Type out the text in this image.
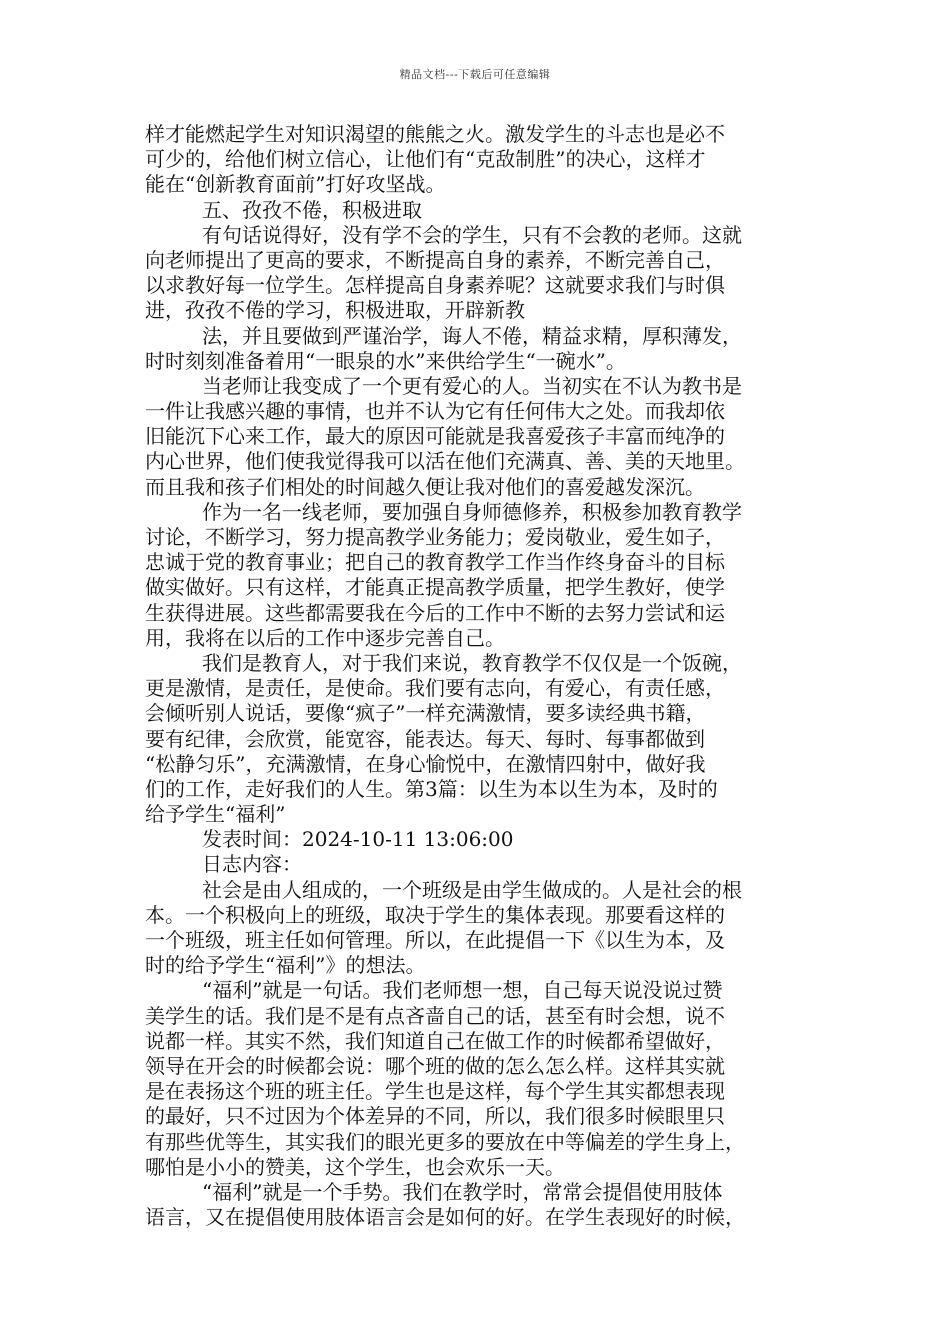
精品文档---下载后可任意编辑
样才能燃起学生对知识渴望的熊熊之火。激发学生的斗志也是必不
可少的，给他们树立信心，让他们有“克敌制胜”的决心，这样才
能在“创新教育面前”打好攻坚战。
五、孜孜不倦，积极进取
有句话说得好，没有学不会的学生，只有不会教的老师。这就
向老师提出了更高的要求，不断提高自身的素养，不断完善自己，
以求教好每一位学生。怎样提高自身素养呢？这就要求我们与时俱
进，孜孜不倦的学习，积极进取，开辟新教
法，并且要做到严谨治学，诲人不倦，精益求精，厚积薄发，
时时刻刻准备着用“一眼泉的水”来供给学生“一碗水”。
当老师让我变成了一个更有爱心的人。当初实在不认为教书是
一件让我感兴趣的事情，也并不认为它有任何伟大之处。而我却依
旧能沉下心来工作，最大的原因可能就是我喜爱孩子丰富而纯净的
内心世界，他们使我觉得我可以活在他们充满真、善、美的天地里。
而且我和孩子们相处的时间越久便让我对他们的喜爱越发深沉。
作为一名一线老师，要加强自身师德修养，积极参加教育教学
讨论，不断学习，努力提高教学业务能力；爱岗敬业，爱生如子，
忠诚于党的教育事业；把自己的教育教学工作当作终身奋斗的目标
做实做好。只有这样，才能真正提高教学质量，把学生教好，使学
生获得进展。这些都需要我在今后的工作中不断的去努力尝试和运
用，我将在以后的工作中逐步完善自己。
我们是教育人，对于我们来说，教育教学不仅仅是一个饭碗，
更是激情，是责任，是使命。我们要有志向，有爱心，有责任感，
会倾听别人说话，要像“疯子”一样充满激情，要多读经典书籍，
要有纪律，会欣赏，能宽容，能表达。每天、每时、每事都做到
“松静匀乐”，充满激情，在身心愉悦中，在激情四射中，做好我
们的工作，走好我们的人生。第3篇：以生为本以生为本，及时的
给予学生“福利”
发表时间：2024-10-11 13:06:00
日志内容：
社会是由人组成的，一个班级是由学生做成的。人是社会的根
本。一个积极向上的班级，取决于学生的集体表现。那要看这样的
一个班级，班主任如何管理。所以，在此提倡一下《以生为本，及
时的给予学生“福利”》的想法。
“福利”就是一句话。我们老师想一想，自己每天说没说过赞
美学生的话。我们是不是有点吝啬自己的话，甚至有时会想，说不
说都一样。其实不然，我们知道自己在做工作的时候都希望做好，
领导在开会的时候都会说：哪个班的做的怎么怎么样。这样其实就
是在表扬这个班的班主任。学生也是这样，每个学生其实都想表现
的最好，只不过因为个体差异的不同，所以，我们很多时候眼里只
有那些优等生，其实我们的眼光更多的要放在中等偏差的学生身上，
哪怕是小小的赞美，这个学生，也会欢乐一天。
“福利”就是一个手势。我们在教学时，常常会提倡使用肢体
语言，又在提倡使用肢体语言会是如何的好。在学生表现好的时候，
